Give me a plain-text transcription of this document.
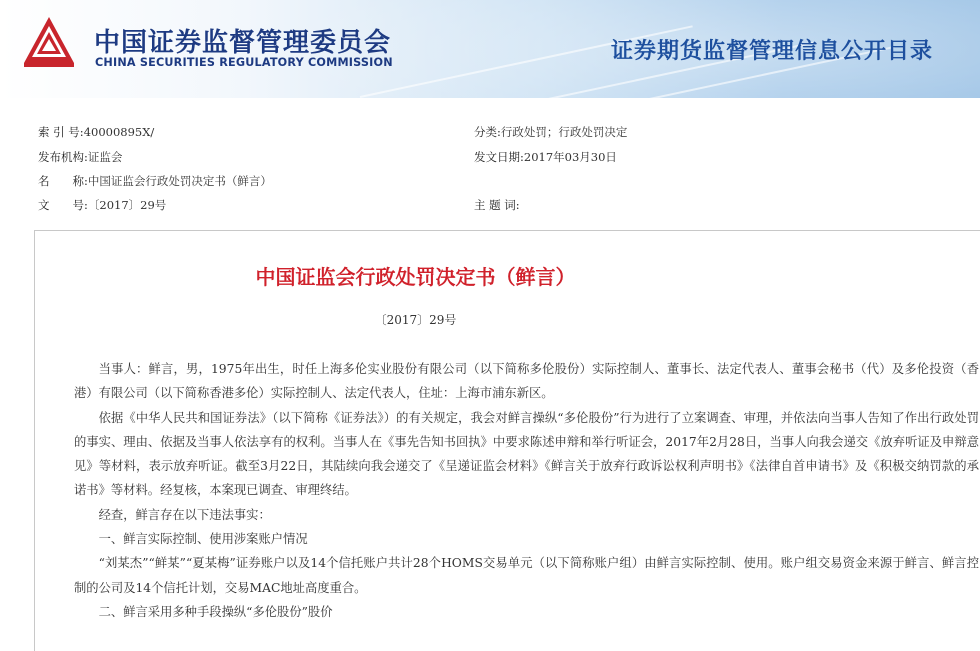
中国证券监督管理委员会
CHINA SECURITIES REGULATORY COMMISSION	证券期货监督管理信息公开目录
索 引 号:40000895X/	分类:行政处罚；行政处罚决定
发布机构:证监会	发文日期:2017年03月30日
名　　称:中国证监会行政处罚决定书（鲜言）
文　　号:〔2017〕29号	主 题 词:
中国证监会行政处罚决定书（鲜言）
〔2017〕29号

当事人：鲜言，男，1975年出生，时任上海多伦实业股份有限公司（以下简称多伦股份）实际控制人、董事长、法定代表人、董事会秘书（代）及多伦投资（香港）有限公司（以下简称香港多伦）实际控制人、法定代表人，住址：上海市浦东新区。

依据《中华人民共和国证券法》（以下简称《证券法》）的有关规定，我会对鲜言操纵“多伦股份”行为进行了立案调查、审理，并依法向当事人告知了作出行政处罚的事实、理由、依据及当事人依法享有的权利。当事人在《事先告知书回执》中要求陈述申辩和举行听证会，2017年2月28日，当事人向我会递交《放弃听证及申辩意见》等材料，表示放弃听证。截至3月22日，其陆续向我会递交了《呈递证监会材料》《鲜言关于放弃行政诉讼权利声明书》《法律自首申请书》及《积极交纳罚款的承诺书》等材料。经复核，本案现已调查、审理终结。

经查，鲜言存在以下违法事实：

一、鲜言实际控制、使用涉案账户情况

“刘某杰”“鲜某”“夏某梅”证券账户以及14个信托账户共计28个HOMS交易单元（以下简称账户组）由鲜言实际控制、使用。账户组交易资金来源于鲜言、鲜言控制的公司及14个信托计划，交易MAC地址高度重合。

二、鲜言采用多种手段操纵“多伦股份”股价
